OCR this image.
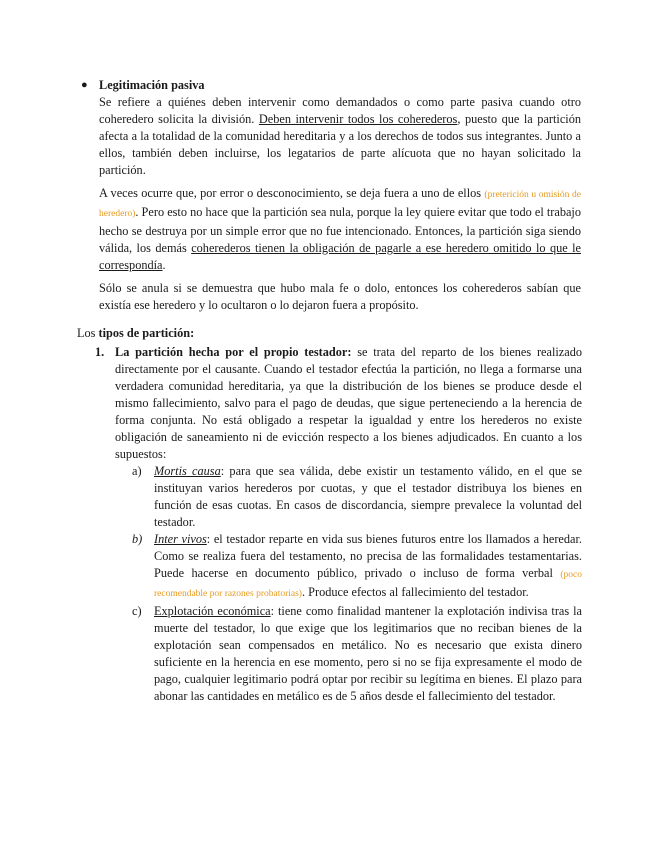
● Legitimación pasiva

Se refiere a quiénes deben intervenir como demandados o como parte pasiva cuando otro coheredero solicita la división. Deben intervenir todos los coherederos, puesto que la partición afecta a la totalidad de la comunidad hereditaria y a los derechos de todos sus integrantes. Junto a ellos, también deben incluirse, los legatarios de parte alícuota que no hayan solicitado la partición.

A veces ocurre que, por error o desconocimiento, se deja fuera a uno de ellos (preterición u omisión de heredero). Pero esto no hace que la partición sea nula, porque la ley quiere evitar que todo el trabajo hecho se destruya por un simple error que no fue intencionado. Entonces, la partición siga siendo válida, los demás coherederos tienen la obligación de pagarle a ese heredero omitido lo que le correspondía.

Sólo se anula si se demuestra que hubo mala fe o dolo, entonces los coherederos sabían que existía ese heredero y lo ocultaron o lo dejaron fuera a propósito.

Los tipos de partición:

1. La partición hecha por el propio testador: se trata del reparto de los bienes realizado directamente por el causante. Cuando el testador efectúa la partición, no llega a formarse una verdadera comunidad hereditaria, ya que la distribución de los bienes se produce desde el mismo fallecimiento, salvo para el pago de deudas, que sigue perteneciendo a la herencia de forma conjunta. No está obligado a respetar la igualdad y entre los herederos no existe obligación de saneamiento ni de evicción respecto a los bienes adjudicados. En cuanto a los supuestos:
a) Mortis causa: para que sea válida, debe existir un testamento válido, en el que se instituyan varios herederos por cuotas, y que el testador distribuya los bienes en función de esas cuotas. En casos de discordancia, siempre prevalece la voluntad del testador.
b) Inter vivos: el testador reparte en vida sus bienes futuros entre los llamados a heredar. Como se realiza fuera del testamento, no precisa de las formalidades testamentarias. Puede hacerse en documento público, privado o incluso de forma verbal (poco recomendable por razones probatorias). Produce efectos al fallecimiento del testador.
c) Explotación económica: tiene como finalidad mantener la explotación indivisa tras la muerte del testador, lo que exige que los legitimarios que no reciban bienes de la explotación sean compensados en metálico. No es necesario que exista dinero suficiente en la herencia en ese momento, pero si no se fija expresamente el modo de pago, cualquier legitimario podrá optar por recibir su legítima en bienes. El plazo para abonar las cantidades en metálico es de 5 años desde el fallecimiento del testador.
